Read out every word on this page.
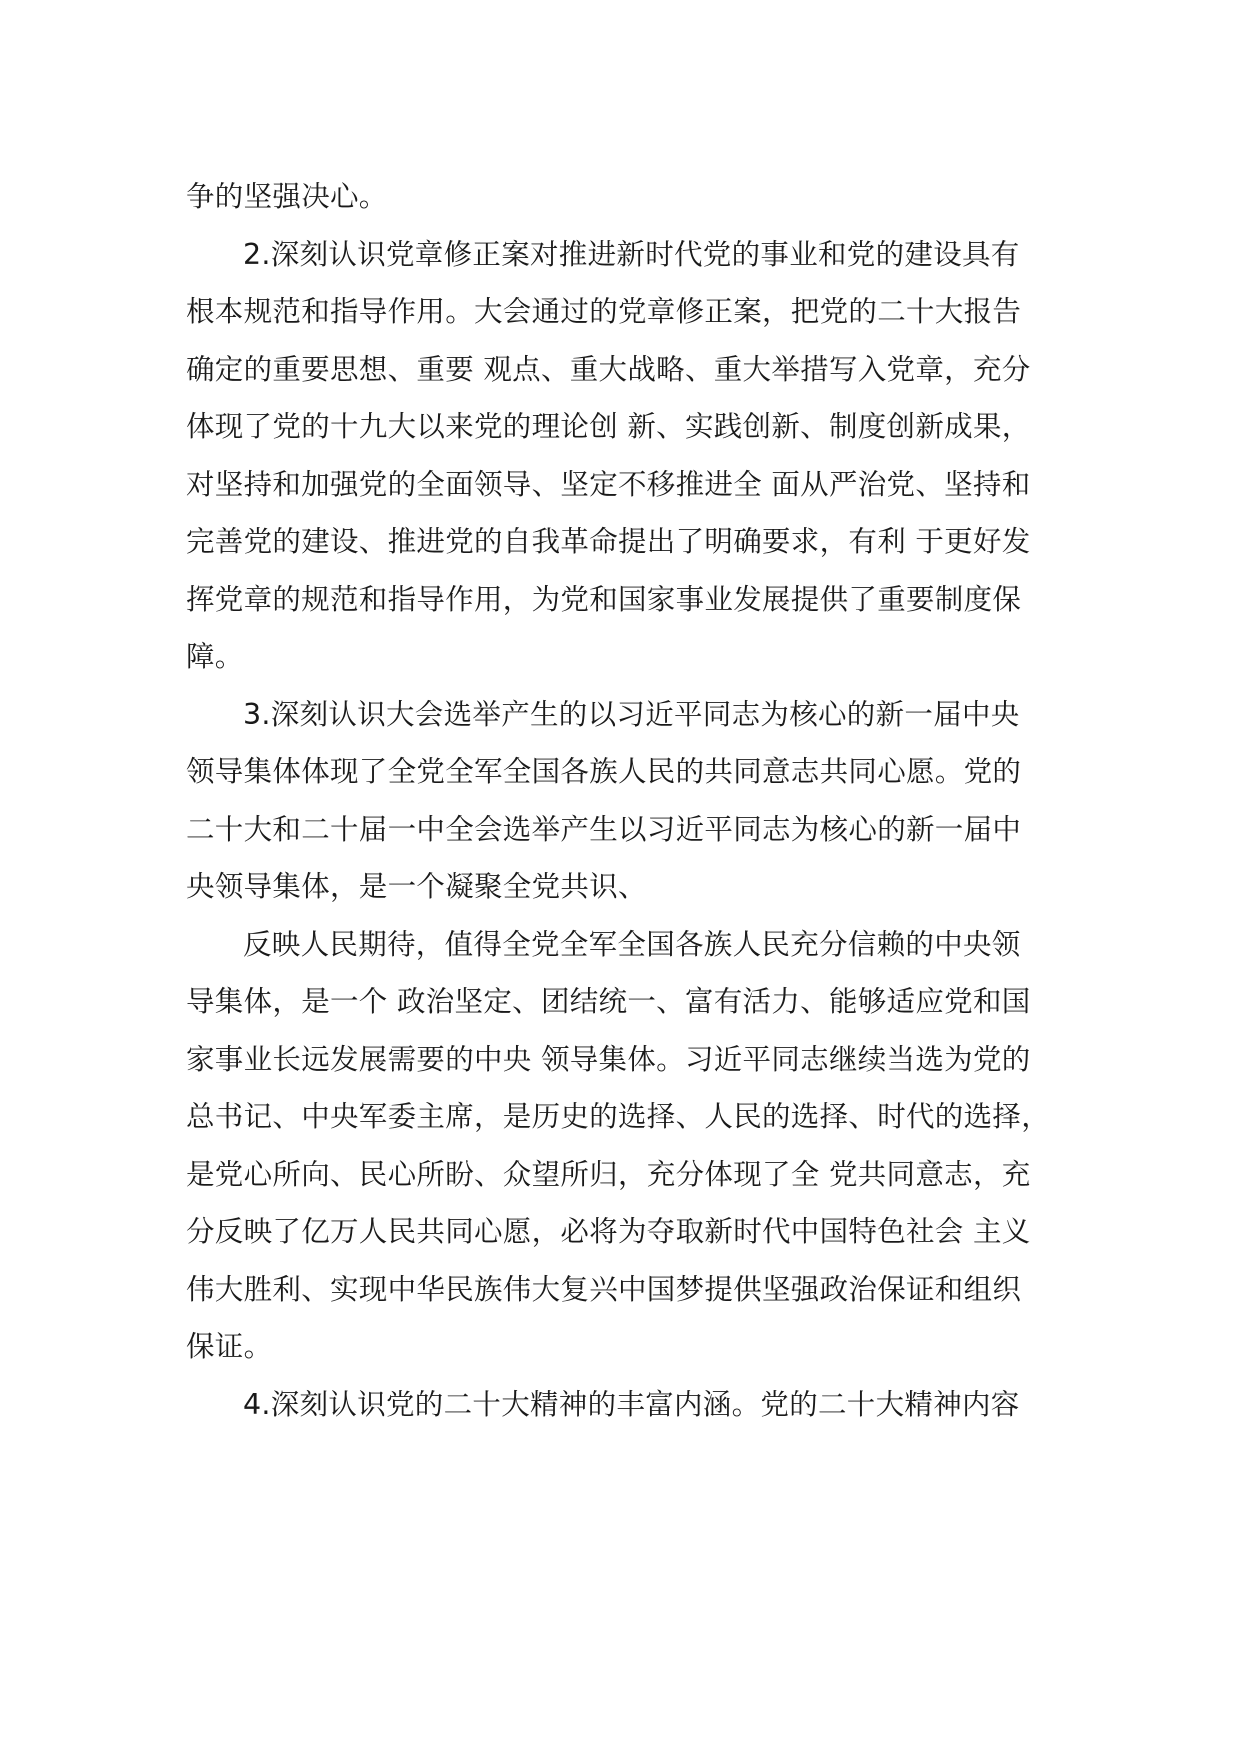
争的坚强决心。
2.深刻认识党章修正案对推进新时代党的事业和党的建设具有
根本规范和指导作用。大会通过的党章修正案，把党的二十大报告
确定的重要思想、重要 观点、重大战略、重大举措写入党章，充分
体现了党的十九大以来党的理论创 新、实践创新、制度创新成果，
对坚持和加强党的全面领导、坚定不移推进全 面从严治党、坚持和
完善党的建设、推进党的自我革命提出了明确要求，有利 于更好发
挥党章的规范和指导作用，为党和国家事业发展提供了重要制度保
障。
3.深刻认识大会选举产生的以习近平同志为核心的新一届中央
领导集体体现了全党全军全国各族人民的共同意志共同心愿。党的
二十大和二十届一中全会选举产生以习近平同志为核心的新一届中
央领导集体，是一个凝聚全党共识、
反映人民期待，值得全党全军全国各族人民充分信赖的中央领
导集体，是一个 政治坚定、团结统一、富有活力、能够适应党和国
家事业长远发展需要的中央 领导集体。习近平同志继续当选为党的
总书记、中央军委主席，是历史的选择、人民的选择、时代的选择，
是党心所向、民心所盼、众望所归，充分体现了全 党共同意志，充
分反映了亿万人民共同心愿，必将为夺取新时代中国特色社会 主义
伟大胜利、实现中华民族伟大复兴中国梦提供坚强政治保证和组织
保证。
4.深刻认识党的二十大精神的丰富内涵。党的二十大精神内容
